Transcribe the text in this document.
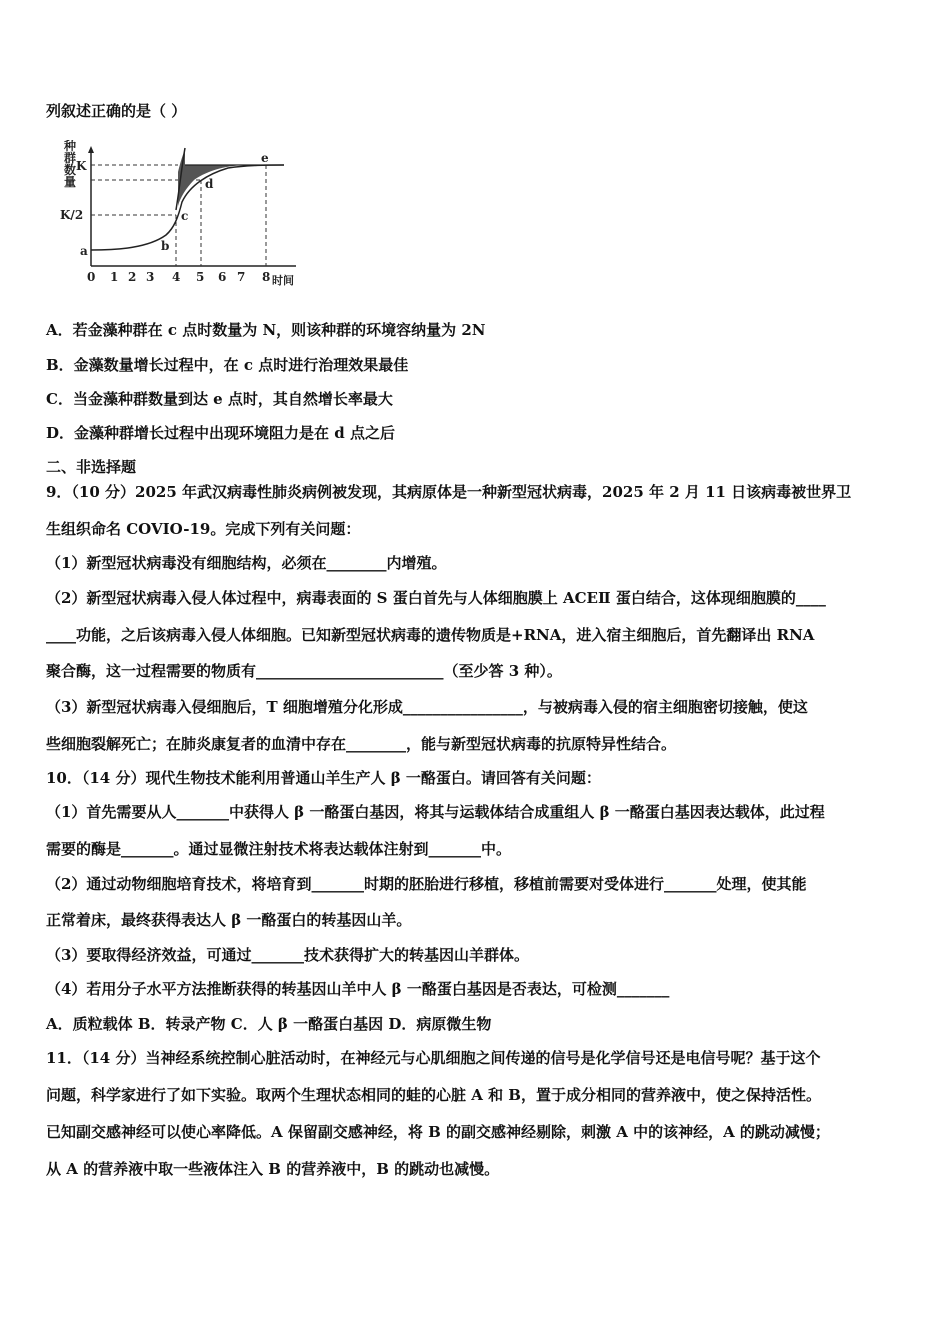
列叙述正确的是（ ）
种
群
数
量
K
K/2
a	b
c
d
e
0 1 2 3 4 5 6 7 8 时间
A．若金藻种群在 c 点时数量为 N，则该种群的环境容纳量为 2N
B．金藻数量增长过程中，在 c 点时进行治理效果最佳
C．当金藻种群数量到达 e 点时，其自然增长率最大
D．金藻种群增长过程中出现环境阻力是在 d 点之后
二、非选择题
9．（10 分）2025 年武汉病毒性肺炎病例被发现，其病原体是一种新型冠状病毒，2025 年 2 月 11 日该病毒被世界卫
生组织命名 COVIO-19。完成下列有关问题：
（1）新型冠状病毒没有细胞结构，必须在________内增殖。
（2）新型冠状病毒入侵人体过程中，病毒表面的 S 蛋白首先与人体细胞膜上 ACEⅡ 蛋白结合，这体现细胞膜的____
____功能，之后该病毒入侵人体细胞。已知新型冠状病毒的遗传物质是+RNA，进入宿主细胞后，首先翻译出 RNA
聚合酶，这一过程需要的物质有_________________________（至少答 3 种）。
（3）新型冠状病毒入侵细胞后，T 细胞增殖分化形成________________，与被病毒入侵的宿主细胞密切接触，使这
些细胞裂解死亡；在肺炎康复者的血清中存在________，能与新型冠状病毒的抗原特异性结合。
10．（14 分）现代生物技术能利用普通山羊生产人 β 一酪蛋白。请回答有关问题：
（1）首先需要从人_______中获得人 β 一酪蛋白基因，将其与运载体结合成重组人 β 一酪蛋白基因表达载体，此过程
需要的酶是_______。通过显微注射技术将表达载体注射到_______中。
（2）通过动物细胞培育技术，将培育到_______时期的胚胎进行移植，移植前需要对受体进行_______处理，使其能
正常着床，最终获得表达人 β 一酪蛋白的转基因山羊。
（3）要取得经济效益，可通过_______技术获得扩大的转基因山羊群体。
（4）若用分子水平方法推断获得的转基因山羊中人 β 一酪蛋白基因是否表达，可检测_______
A．质粒载体 B．转录产物 C．人 β 一酪蛋白基因 D．病原微生物
11．（14 分）当神经系统控制心脏活动时，在神经元与心肌细胞之间传递的信号是化学信号还是电信号呢？基于这个
问题，科学家进行了如下实验。取两个生理状态相同的蛙的心脏 A 和 B，置于成分相同的营养液中，使之保持活性。
已知副交感神经可以使心率降低。A 保留副交感神经，将 B 的副交感神经剔除，刺激 A 中的该神经，A 的跳动减慢；
从 A 的营养液中取一些液体注入 B 的营养液中，B 的跳动也减慢。
